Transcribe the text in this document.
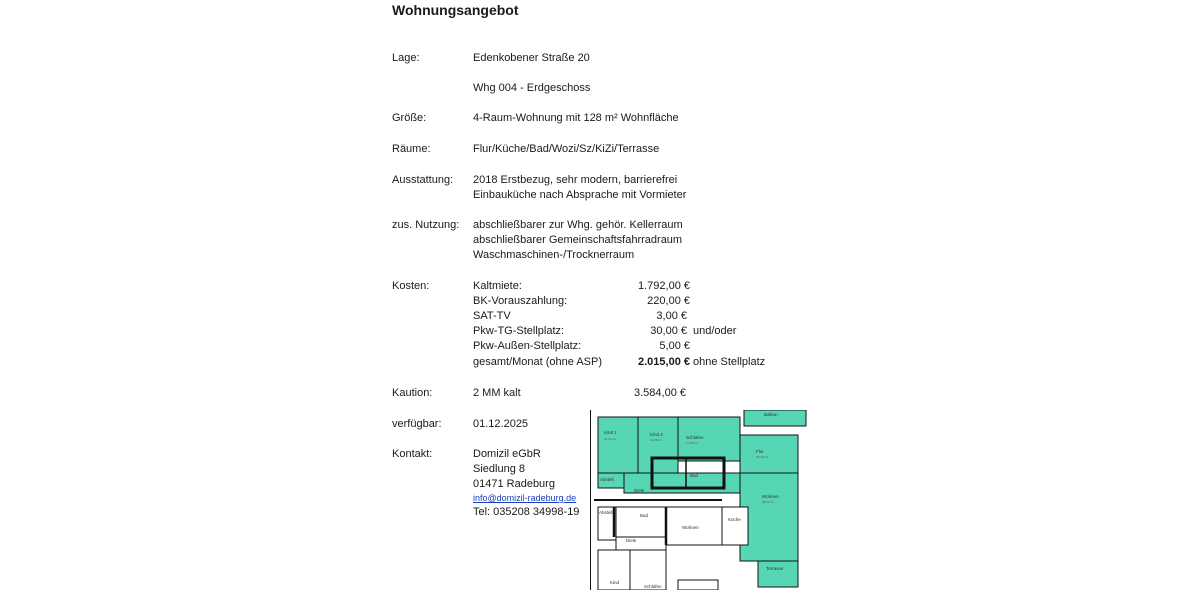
Wohnungsangebot
Lage:	Edenkobener Straße 20
Whg 004 - Erdgeschoss
Größe:	4-Raum-Wohnung mit 128 m² Wohnfläche
Räume:	Flur/Küche/Bad/Wozi/Sz/KiZi/Terrasse
Ausstattung: 2018 Erstbezug, sehr modern, barrierefrei
Einbauküche nach Absprache mit Vormieter
zus. Nutzung: abschließbarer zur Whg. gehör. Kellerraum
abschließbarer Gemeinschaftsfahrradraum
Waschmaschinen-/Trocknerraum
Kosten:	Kaltmiete:	1.792,00 €
BK-Vorauszahlung:	220,00 €
SAT-TV	3,00 €
Pkw-TG-Stellplatz:	30,00 € und/oder
Pkw-Außen-Stellplatz:	5,00 €
gesamt/Monat (ohne ASP)	2.015,00 € ohne Stellplatz
Kaution:	2 MM kalt	3.584,00 €
verfügbar:	01.12.2025
Kontakt:	Domizil eGbR
Siedlung 8
01471 Radeburg
info@domizil-radeburg.de
Tel: 035208 34998-19
Kind 1	Kind 2
Schlafen
Balkon
Flur
Bad
Abstell.
Diele
Wohnen
Abstell.
Bad
Diele
Wohnen
Küche
Terrasse
Kind
Schlafen
14,25 m²	12,66 m²
17,85 m²
18,46 m²
38,02 m²
